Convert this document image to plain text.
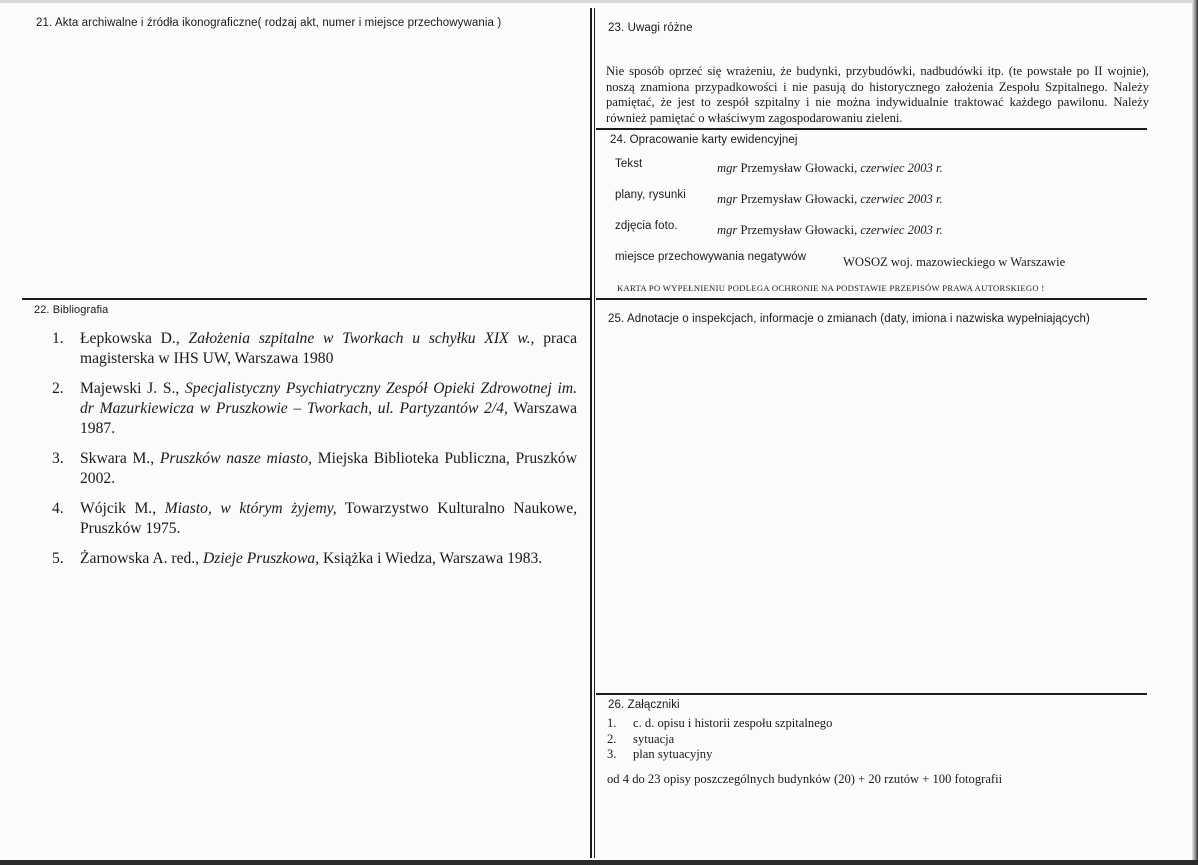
21. Akta archiwalne i źródła ikonograficzne( rodzaj akt, numer i miejsce przechowywania )
22. Bibliografia
1. Łepkowska D., Założenia szpitalne w Tworkach u schyłku XIX w., praca magisterska w IHS UW, Warszawa 1980
2. Majewski J. S., Specjalistyczny Psychiatryczny Zespół Opieki Zdrowotnej im. dr Mazurkiewicza w Pruszkowie – Tworkach, ul. Partyzantów 2/4, Warszawa 1987.
3. Skwara M., Pruszków nasze miasto, Miejska Biblioteka Publiczna, Pruszków 2002.
4. Wójcik M., Miasto, w którym żyjemy, Towarzystwo Kulturalno Naukowe, Pruszków 1975.
5. Żarnowska A. red., Dzieje Pruszkowa, Książka i Wiedza, Warszawa 1983.
23. Uwagi różne
Nie sposób oprzeć się wrażeniu, że budynki, przybudówki, nadbudówki itp. (te powstałe po II wojnie), noszą znamiona przypadkowości i nie pasują do historycznego założenia Zespołu Szpitalnego. Należy pamiętać, że jest to zespół szpitalny i nie można indywidualnie traktować każdego pawilonu. Należy również pamiętać o właściwym zagospodarowaniu zieleni.
24. Opracowanie karty ewidencyjnej
Tekst	mgr Przemysław Głowacki, czerwiec 2003 r.
plany, rysunki mgr Przemysław Głowacki, czerwiec 2003 r.
zdjęcia foto.	mgr Przemysław Głowacki, czerwiec 2003 r.
miejsce przechowywania negatywów	WOSOZ woj. mazowieckiego w Warszawie
KARTA PO WYPEŁNIENIU PODLEGA OCHRONIE NA PODSTAWIE PRZEPISÓW PRAWA AUTORSKIEGO !
25. Adnotacje o inspekcjach, informacje o zmianach (daty, imiona i nazwiska wypełniających)
26. Załączniki
1. c. d. opisu i historii zespołu szpitalnego
2. sytuacja
3. plan sytuacyjny
od 4 do 23 opisy poszczególnych budynków (20) + 20 rzutów + 100 fotografii
